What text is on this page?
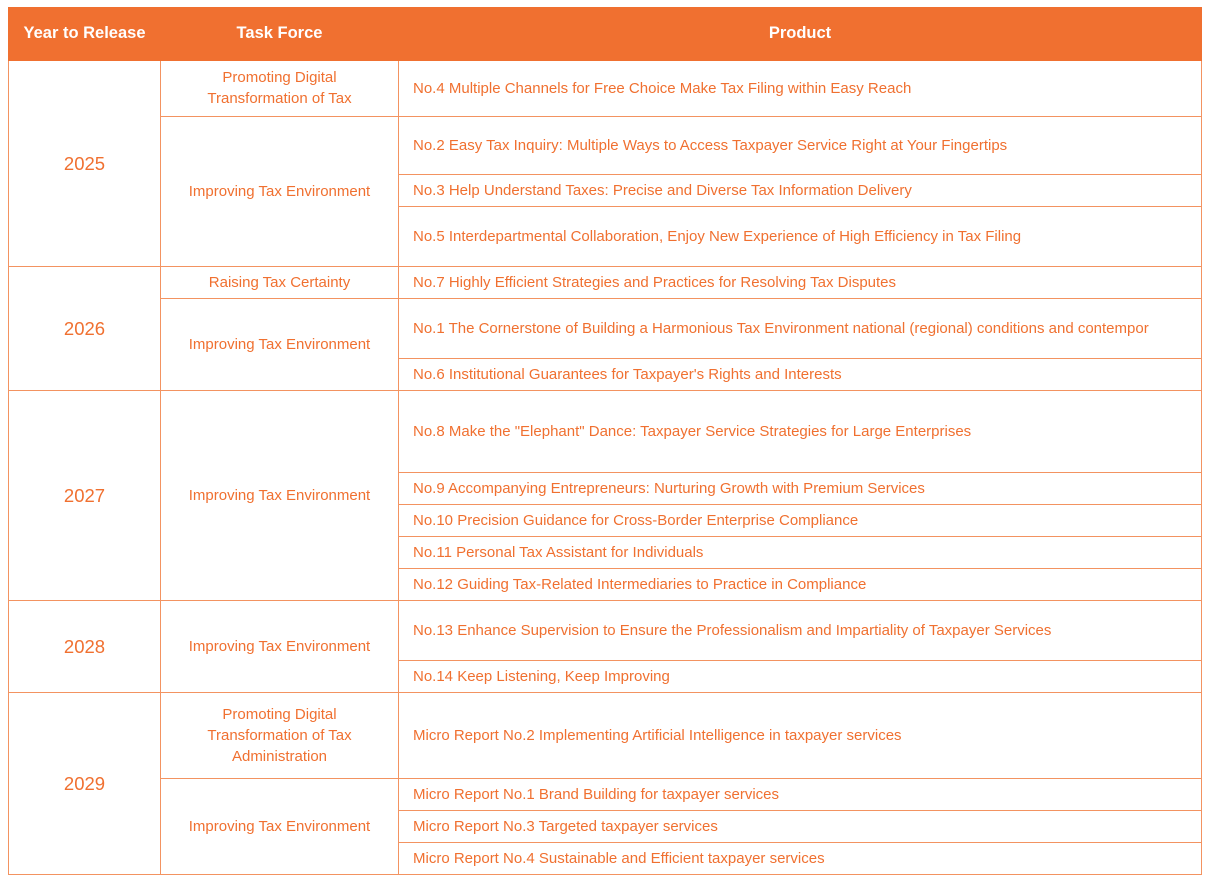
Year to Release	Task Force	Product
2025	Promoting Digital Transformation of Tax	No.4 Multiple Channels for Free Choice Make Tax Filing within Easy Reach
	Improving Tax Environment	No.2 Easy Tax Inquiry: Multiple Ways to Access Taxpayer Service Right at Your Fingertips
		No.3 Help Understand Taxes: Precise and Diverse Tax Information Delivery
		No.5 Interdepartmental Collaboration, Enjoy New Experience of High Efficiency in Tax Filing
2026	Raising Tax Certainty	No.7 Highly Efficient Strategies and Practices for Resolving Tax Disputes
	Improving Tax Environment	No.1 The Cornerstone of Building a Harmonious Tax Environment national (regional) conditions and contempor
		No.6 Institutional Guarantees for Taxpayer's Rights and Interests
2027	Improving Tax Environment	No.8 Make the "Elephant" Dance: Taxpayer Service Strategies for Large Enterprises
		No.9 Accompanying Entrepreneurs: Nurturing Growth with Premium Services
		No.10 Precision Guidance for Cross-Border Enterprise Compliance
		No.11 Personal Tax Assistant for Individuals
		No.12 Guiding Tax-Related Intermediaries to Practice in Compliance
2028	Improving Tax Environment	No.13 Enhance Supervision to Ensure the Professionalism and Impartiality of Taxpayer Services
		No.14 Keep Listening, Keep Improving
2029	Promoting Digital Transformation of Tax Administration	Micro Report No.2 Implementing Artificial Intelligence in taxpayer services
	Improving Tax Environment	Micro Report No.1 Brand Building for taxpayer services
		Micro Report No.3 Targeted taxpayer services
		Micro Report No.4 Sustainable and Efficient taxpayer services
